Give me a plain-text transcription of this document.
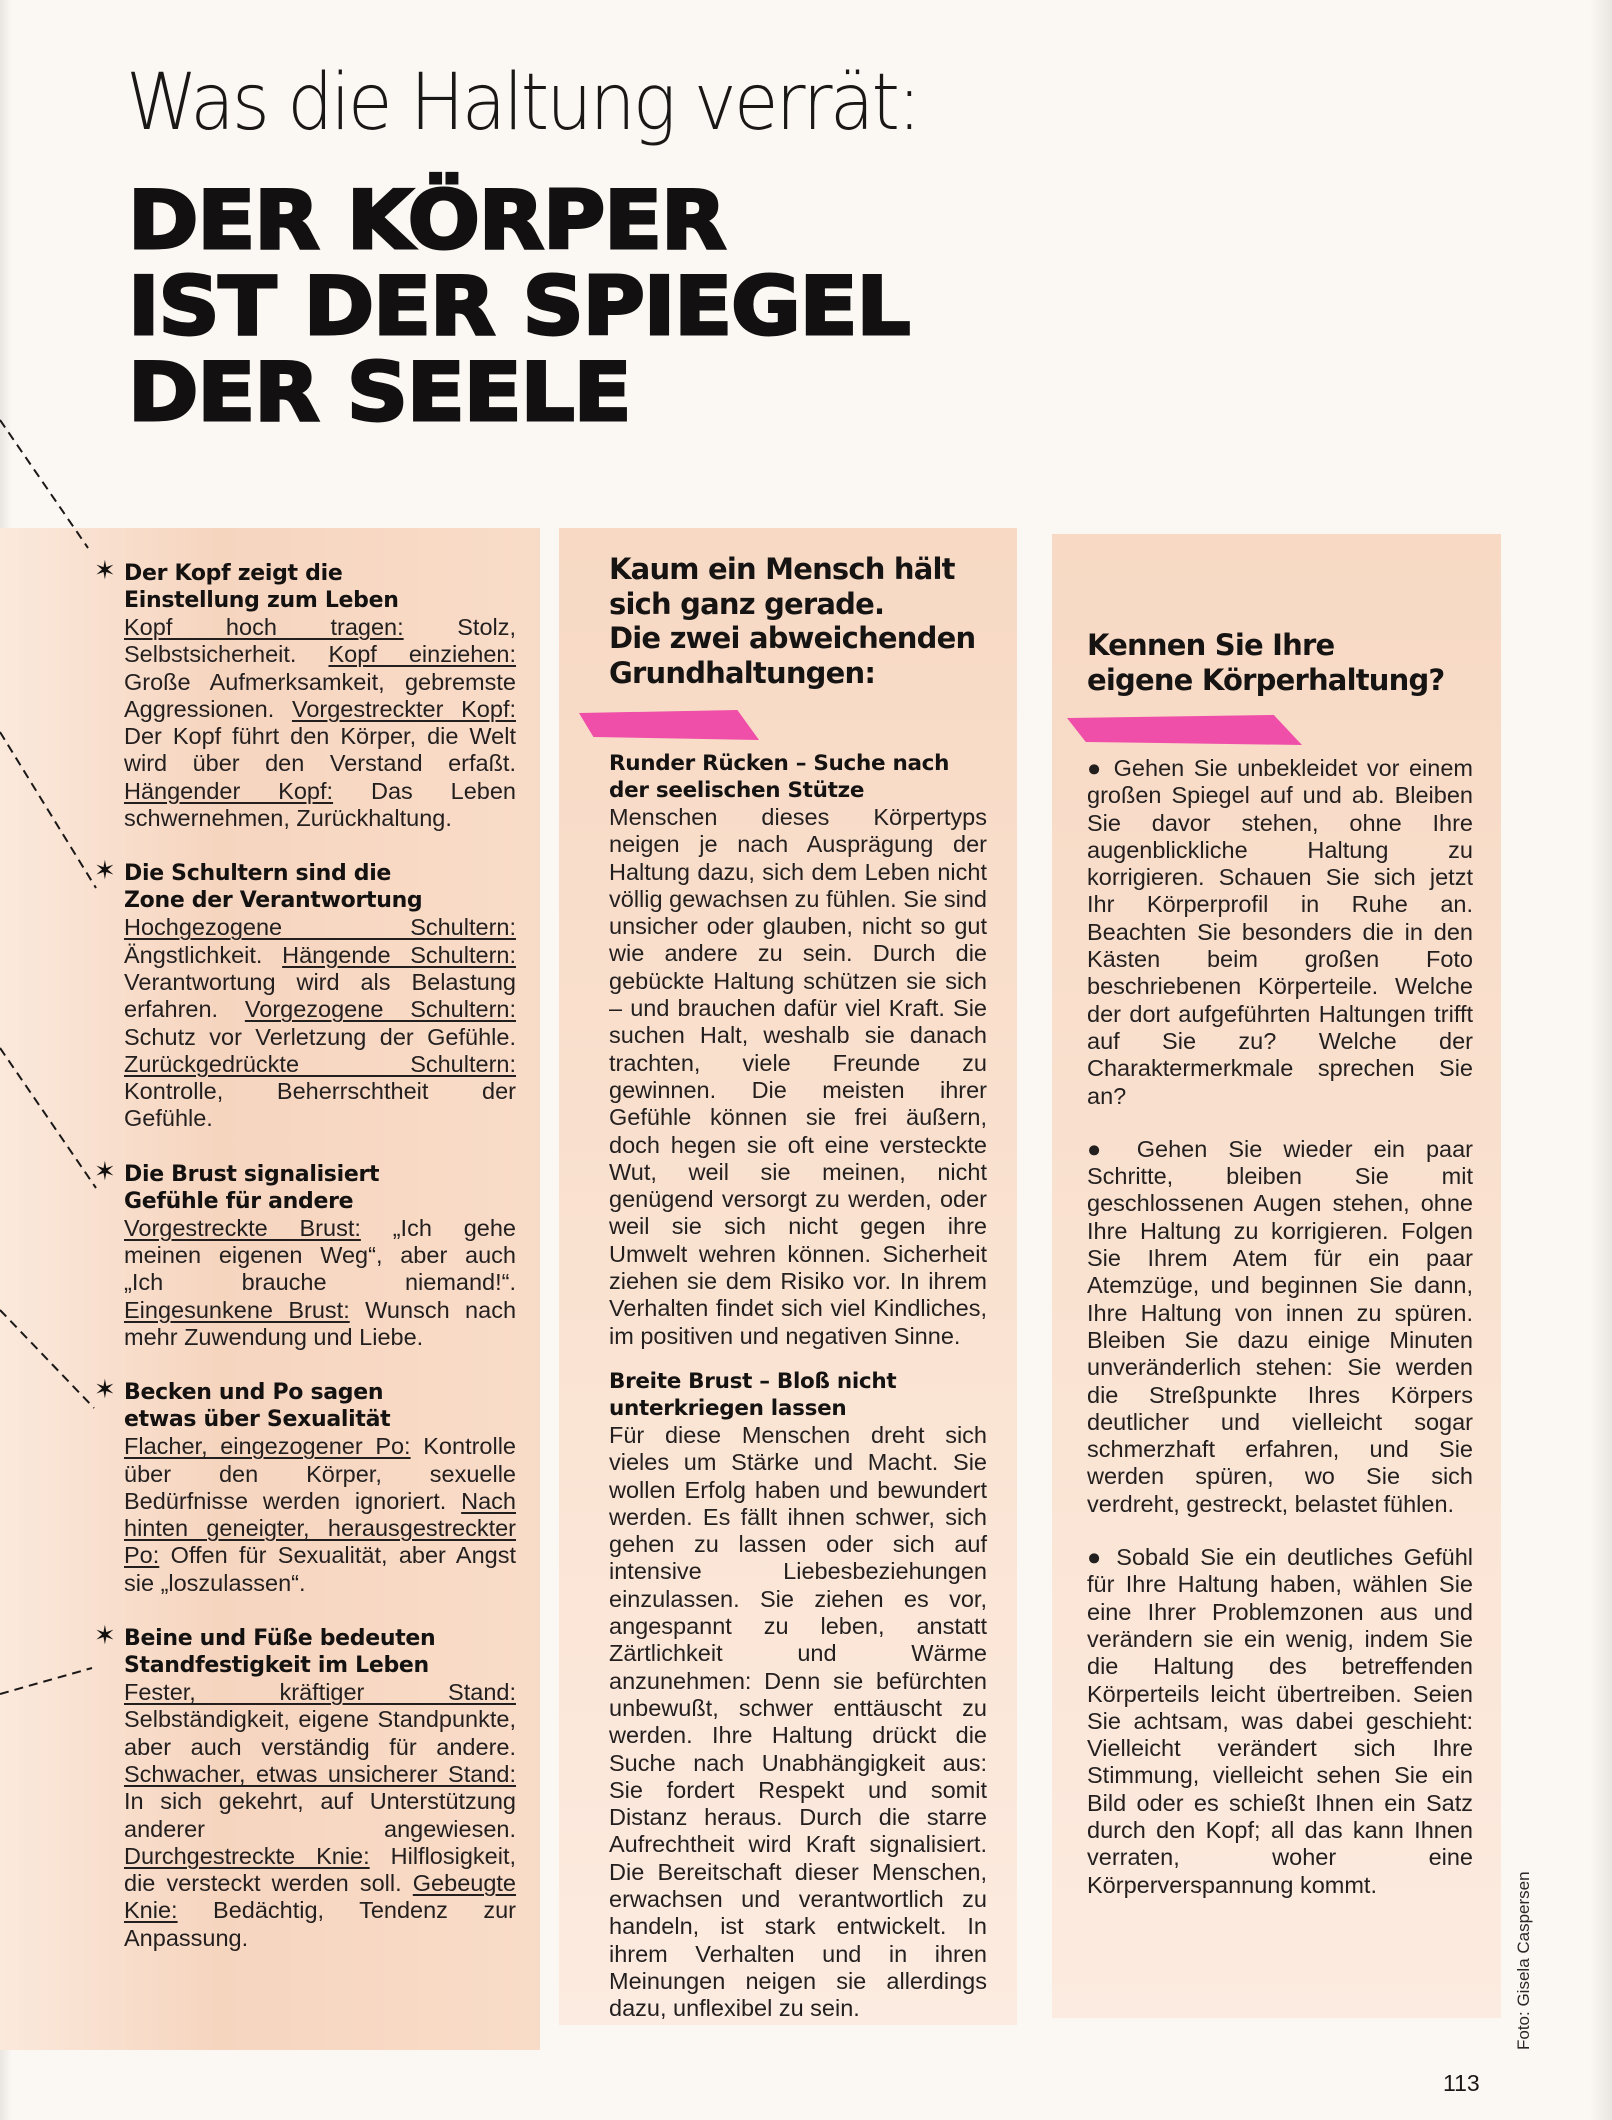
Was die Haltung verrät:
DER KÖRPER
IST DER SPIEGEL
DER SEELE
✶ Der Kopf zeigt die
Einstellung zum Leben

Kopf hoch tragen: Stolz, Selbstsicherheit. Kopf einziehen: Große Aufmerksamkeit, gebremste Aggressionen. Vorgestreckter Kopf: Der Kopf führt den Körper, die Welt wird über den Verstand erfaßt. Hängender Kopf: Das Leben schwernehmen, Zurückhaltung.

✶ Die Schultern sind die
Zone der Verantwortung

Hochgezogene Schultern: Ängstlichkeit. Hängende Schultern: Verantwortung wird als Belastung erfahren. Vorgezogene Schultern: Schutz vor Verletzung der Gefühle. Zurückgedrückte Schultern: Kontrolle, Beherrschtheit der Gefühle.

✶ Die Brust signalisiert
Gefühle für andere

Vorgestreckte Brust: „Ich gehe meinen eigenen Weg“, aber auch „Ich brauche niemand!“. Eingesunkene Brust: Wunsch nach mehr Zuwendung und Liebe.

✶ Becken und Po sagen
etwas über Sexualität

Flacher, eingezogener Po: Kontrolle über den Körper, sexuelle Bedürfnisse werden ignoriert. Nach hinten geneigter, herausgestreckter Po: Offen für Sexualität, aber Angst sie „loszulassen“.

✶ Beine und Füße bedeuten
Standfestigkeit im Leben

Fester, kräftiger Stand: Selbständigkeit, eigene Standpunkte, aber auch verständig für andere. Schwacher, etwas unsicherer Stand: In sich gekehrt, auf Unterstützung anderer angewiesen. Durchgestreckte Knie: Hilflosigkeit, die versteckt werden soll. Gebeugte Knie: Bedächtig, Tendenz zur Anpassung.

Kaum ein Mensch hält
sich ganz gerade.
Die zwei abweichenden
Grundhaltungen:
Runder Rücken – Suche nach der seelischen Stütze

Menschen dieses Körpertyps neigen je nach Ausprägung der Haltung dazu, sich dem Leben nicht völlig gewachsen zu fühlen. Sie sind unsicher oder glauben, nicht so gut wie andere zu sein. Durch die gebückte Haltung schützen sie sich – und brauchen dafür viel Kraft. Sie suchen Halt, weshalb sie danach trachten, viele Freunde zu gewinnen. Die meisten ihrer Gefühle können sie frei äußern, doch hegen sie oft eine versteckte Wut, weil sie meinen, nicht genügend versorgt zu werden, oder weil sie sich nicht gegen ihre Umwelt wehren können. Sicherheit ziehen sie dem Risiko vor. In ihrem Verhalten findet sich viel Kindliches, im positiven und negativen Sinne.

Breite Brust – Bloß nicht unterkriegen lassen

Für diese Menschen dreht sich vieles um Stärke und Macht. Sie wollen Erfolg haben und bewundert werden. Es fällt ihnen schwer, sich gehen zu lassen oder sich auf intensive Liebesbeziehungen einzulassen. Sie ziehen es vor, angespannt zu leben, anstatt Zärtlichkeit und Wärme anzunehmen: Denn sie befürchten unbewußt, schwer enttäuscht zu werden. Ihre Haltung drückt die Suche nach Unabhängigkeit aus: Sie fordert Respekt und somit Distanz heraus. Durch die starre Aufrechtheit wird Kraft signalisiert. Die Bereitschaft dieser Menschen, erwachsen und verantwortlich zu handeln, ist stark entwickelt. In ihrem Verhalten und in ihren Meinungen neigen sie allerdings dazu, unflexibel zu sein.

Kennen Sie Ihre
eigene Körperhaltung?

● Gehen Sie unbekleidet vor einem großen Spiegel auf und ab. Bleiben Sie davor stehen, ohne Ihre augenblickliche Haltung zu korrigieren. Schauen Sie sich jetzt Ihr Körperprofil in Ruhe an. Beachten Sie besonders die in den Kästen beim großen Foto beschriebenen Körperteile. Welche der dort aufgeführten Haltungen trifft auf Sie zu? Welche der Charaktermerkmale sprechen Sie an?

● Gehen Sie wieder ein paar Schritte, bleiben Sie mit geschlossenen Augen stehen, ohne Ihre Haltung zu korrigieren. Folgen Sie Ihrem Atem für ein paar Atemzüge, und beginnen Sie dann, Ihre Haltung von innen zu spüren. Bleiben Sie dazu einige Minuten unveränderlich stehen: Sie werden die Streßpunkte Ihres Körpers deutlicher und vielleicht sogar schmerzhaft erfahren, und Sie werden spüren, wo Sie sich verdreht, gestreckt, belastet fühlen.

● Sobald Sie ein deutliches Gefühl für Ihre Haltung haben, wählen Sie eine Ihrer Problemzonen aus und verändern sie ein wenig, indem Sie die Haltung des betreffenden Körperteils leicht übertreiben. Seien Sie achtsam, was dabei geschieht: Vielleicht verändert sich Ihre Stimmung, vielleicht sehen Sie ein Bild oder es schießt Ihnen ein Satz durch den Kopf; all das kann Ihnen verraten, woher eine Körperverspannung kommt.	Foto: Gisela Caspersen
113
